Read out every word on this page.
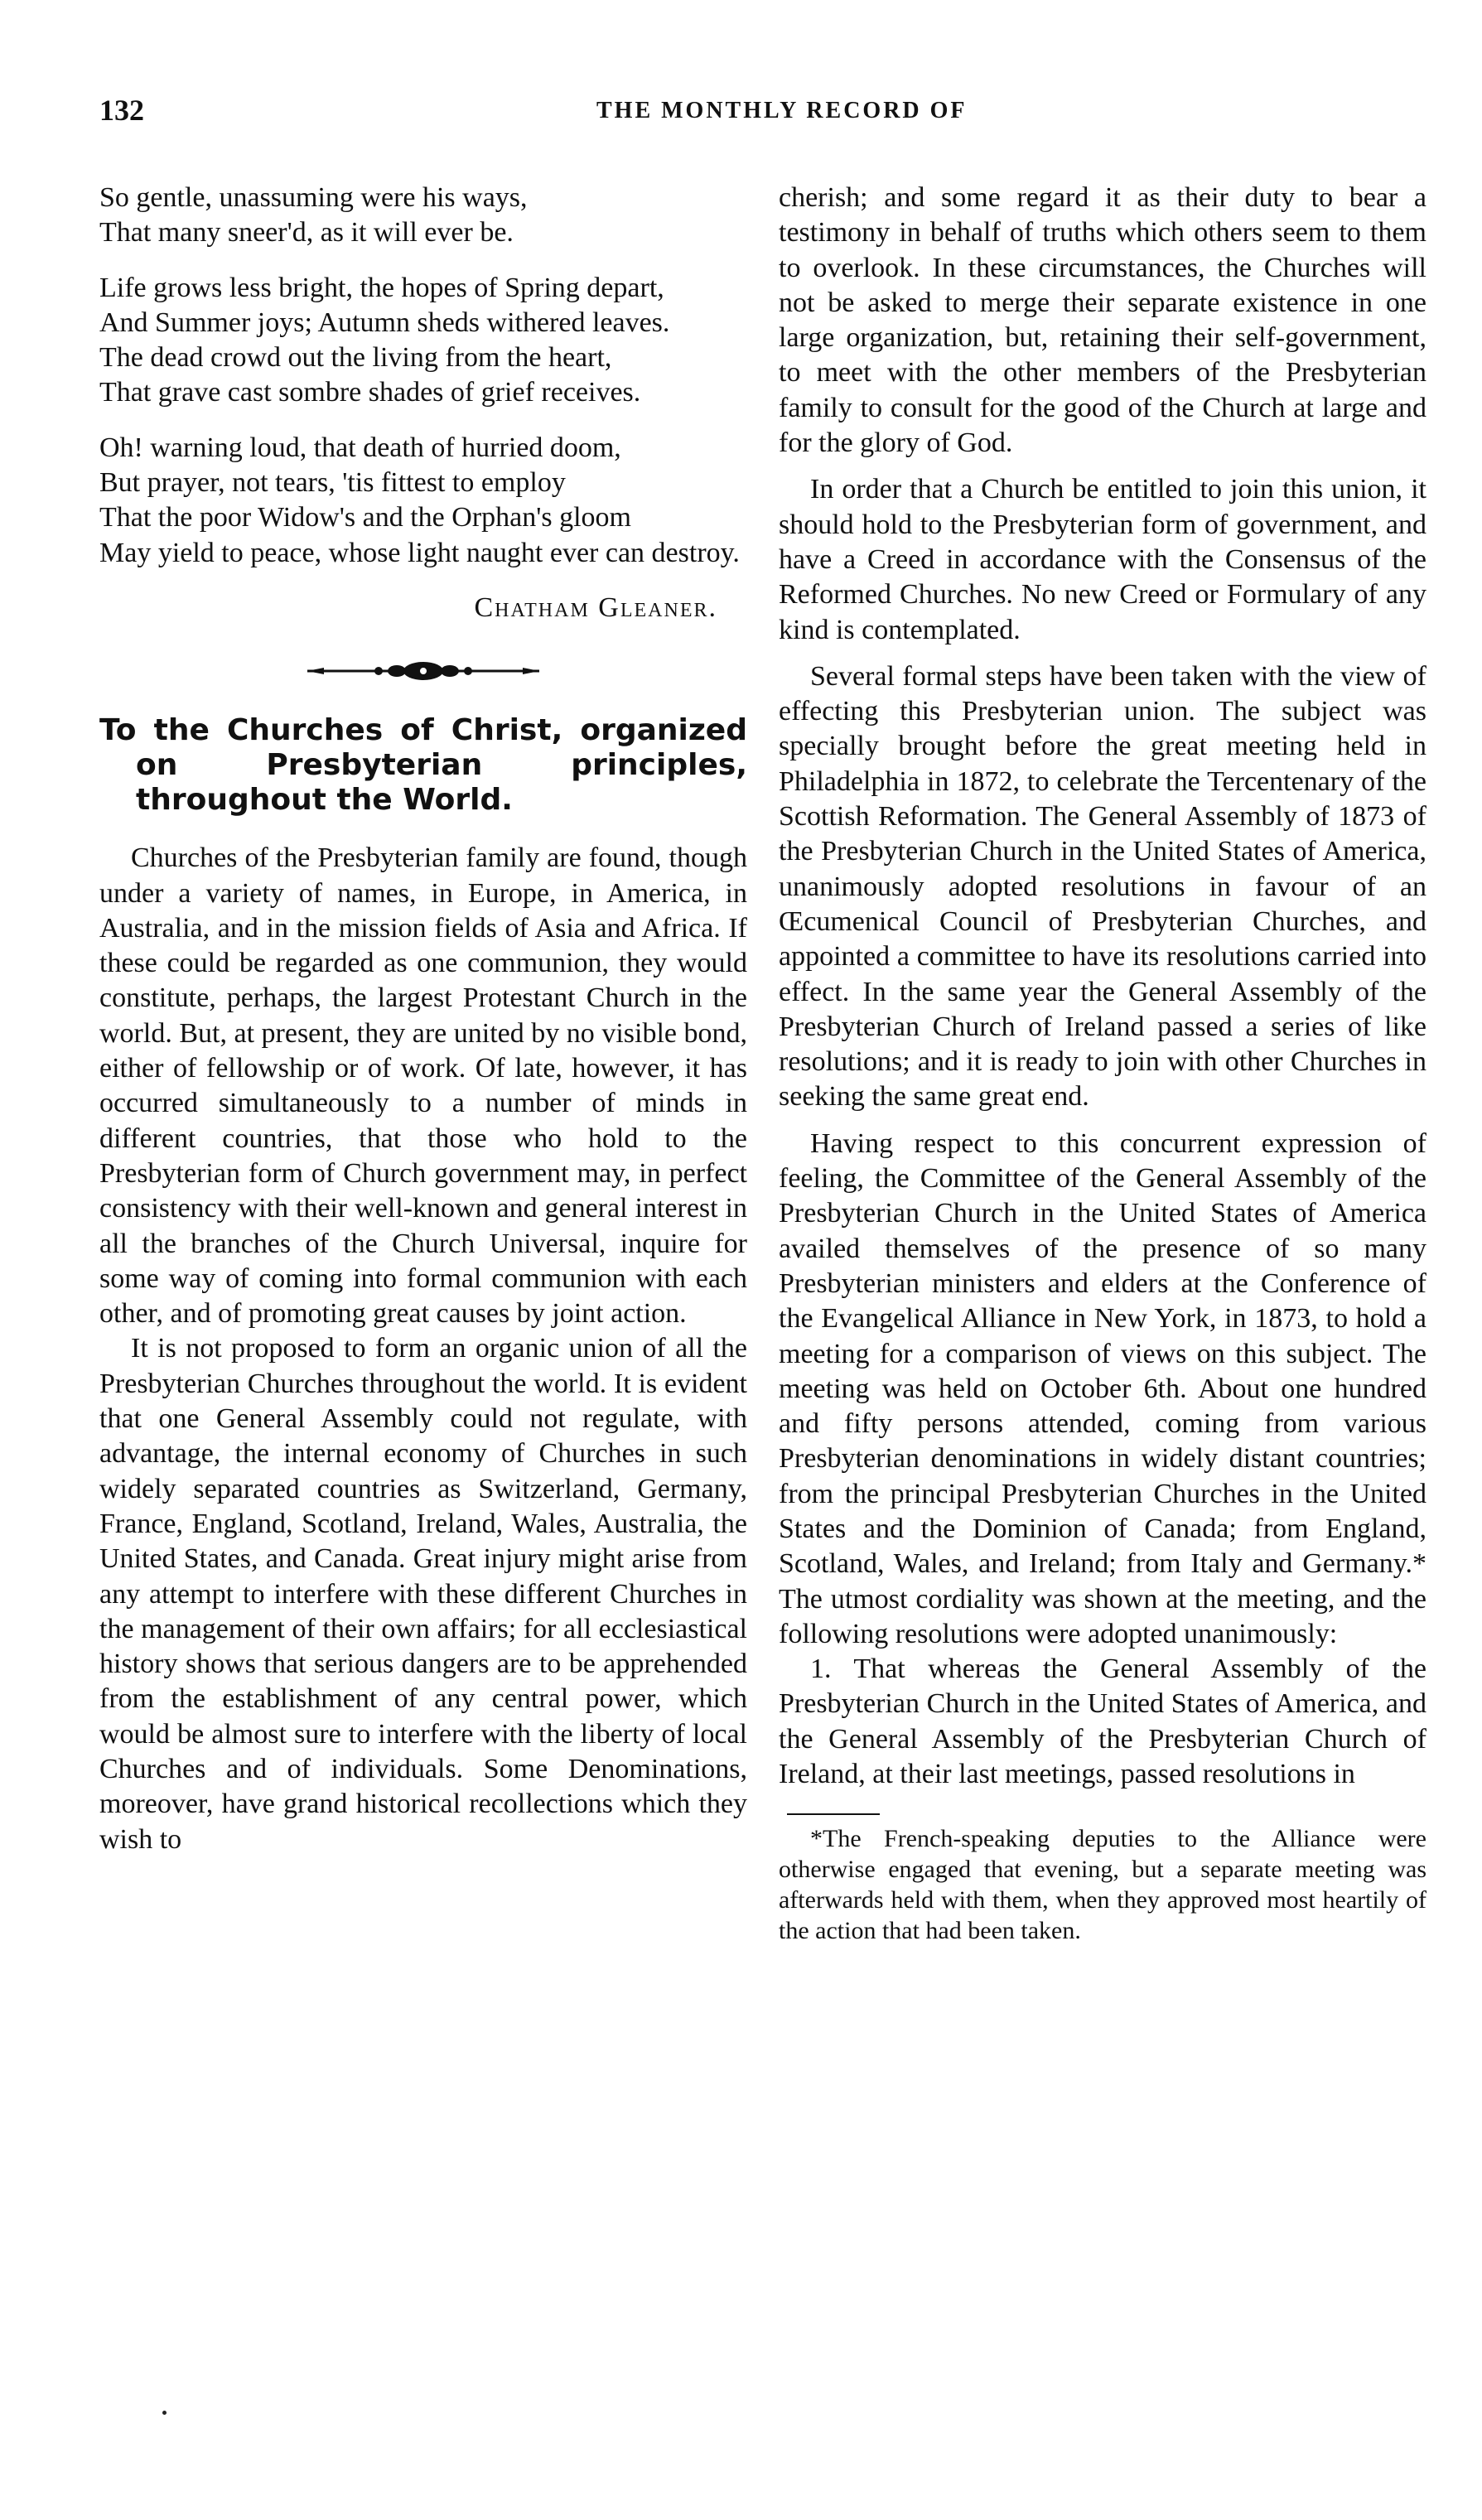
132	THE MONTHLY RECORD OF

So gentle, unassuming were his ways,

That many sneer'd, as it will ever be.

Life grows less bright, the hopes of Spring depart,

And Summer joys; Autumn sheds withered leaves.

The dead crowd out the living from the heart,

That grave cast sombre shades of grief receives.

Oh! warning loud, that death of hurried doom,

But prayer, not tears, 'tis fittest to employ

That the poor Widow's and the Orphan's gloom

May yield to peace, whose light naught ever can destroy.

Chatham Gleaner.

To the Churches of Christ, organized on Presbyterian principles, throughout the World.

Churches of the Presbyterian family are found, though under a variety of names, in Europe, in America, in Australia, and in the mission fields of Asia and Africa. If these could be regarded as one communion, they would constitute, perhaps, the largest Protestant Church in the world. But, at present, they are united by no visible bond, either of fellowship or of work. Of late, however, it has occurred simultaneously to a number of minds in different countries, that those who hold to the Presbyterian form of Church government may, in perfect consistency with their well-known and general interest in all the branches of the Church Universal, inquire for some way of coming into formal communion with each other, and of promoting great causes by joint action.

It is not proposed to form an organic union of all the Presbyterian Churches throughout the world. It is evident that one General Assembly could not regulate, with advantage, the internal economy of Churches in such widely separated countries as Switzerland, Germany, France, England, Scotland, Ireland, Wales, Australia, the United States, and Canada. Great injury might arise from any attempt to interfere with these different Churches in the management of their own affairs; for all ecclesiastical history shows that serious dangers are to be apprehended from the establishment of any central power, which would be almost sure to interfere with the liberty of local Churches and of individuals. Some Denominations, moreover, have grand historical recollections which they wish to

cherish; and some regard it as their duty to bear a testimony in behalf of truths which others seem to them to overlook. In these circumstances, the Churches will not be asked to merge their separate existence in one large organization, but, retaining their self-government, to meet with the other members of the Presbyterian family to consult for the good of the Church at large and for the glory of God.

In order that a Church be entitled to join this union, it should hold to the Presbyterian form of government, and have a Creed in accordance with the Consensus of the Reformed Churches. No new Creed or Formulary of any kind is contemplated.

Several formal steps have been taken with the view of effecting this Presbyterian union. The subject was specially brought before the great meeting held in Philadelphia in 1872, to celebrate the Tercentenary of the Scottish Reformation. The General Assembly of 1873 of the Presbyterian Church in the United States of America, unanimously adopted resolutions in favour of an Œcumenical Council of Presbyterian Churches, and appointed a committee to have its resolutions carried into effect. In the same year the General Assembly of the Presbyterian Church of Ireland passed a series of like resolutions; and it is ready to join with other Churches in seeking the same great end.

Having respect to this concurrent expression of feeling, the Committee of the General Assembly of the Presbyterian Church in the United States of America availed themselves of the presence of so many Presbyterian ministers and elders at the Conference of the Evangelical Alliance in New York, in 1873, to hold a meeting for a comparison of views on this subject. The meeting was held on October 6th. About one hundred and fifty persons attended, coming from various Presbyterian denominations in widely distant countries; from the principal Presbyterian Churches in the United States and the Dominion of Canada; from England, Scotland, Wales, and Ireland; from Italy and Germany.* The utmost cordiality was shown at the meeting, and the following resolutions were adopted unanimously:

1. That whereas the General Assembly of the Presbyterian Church in the United States of America, and the General Assembly of the Presbyterian Church of Ireland, at their last meetings, passed resolutions in

*The French-speaking deputies to the Alliance were otherwise engaged that evening, but a separate meeting was afterwards held with them, when they approved most heartily of the action that had been taken.
